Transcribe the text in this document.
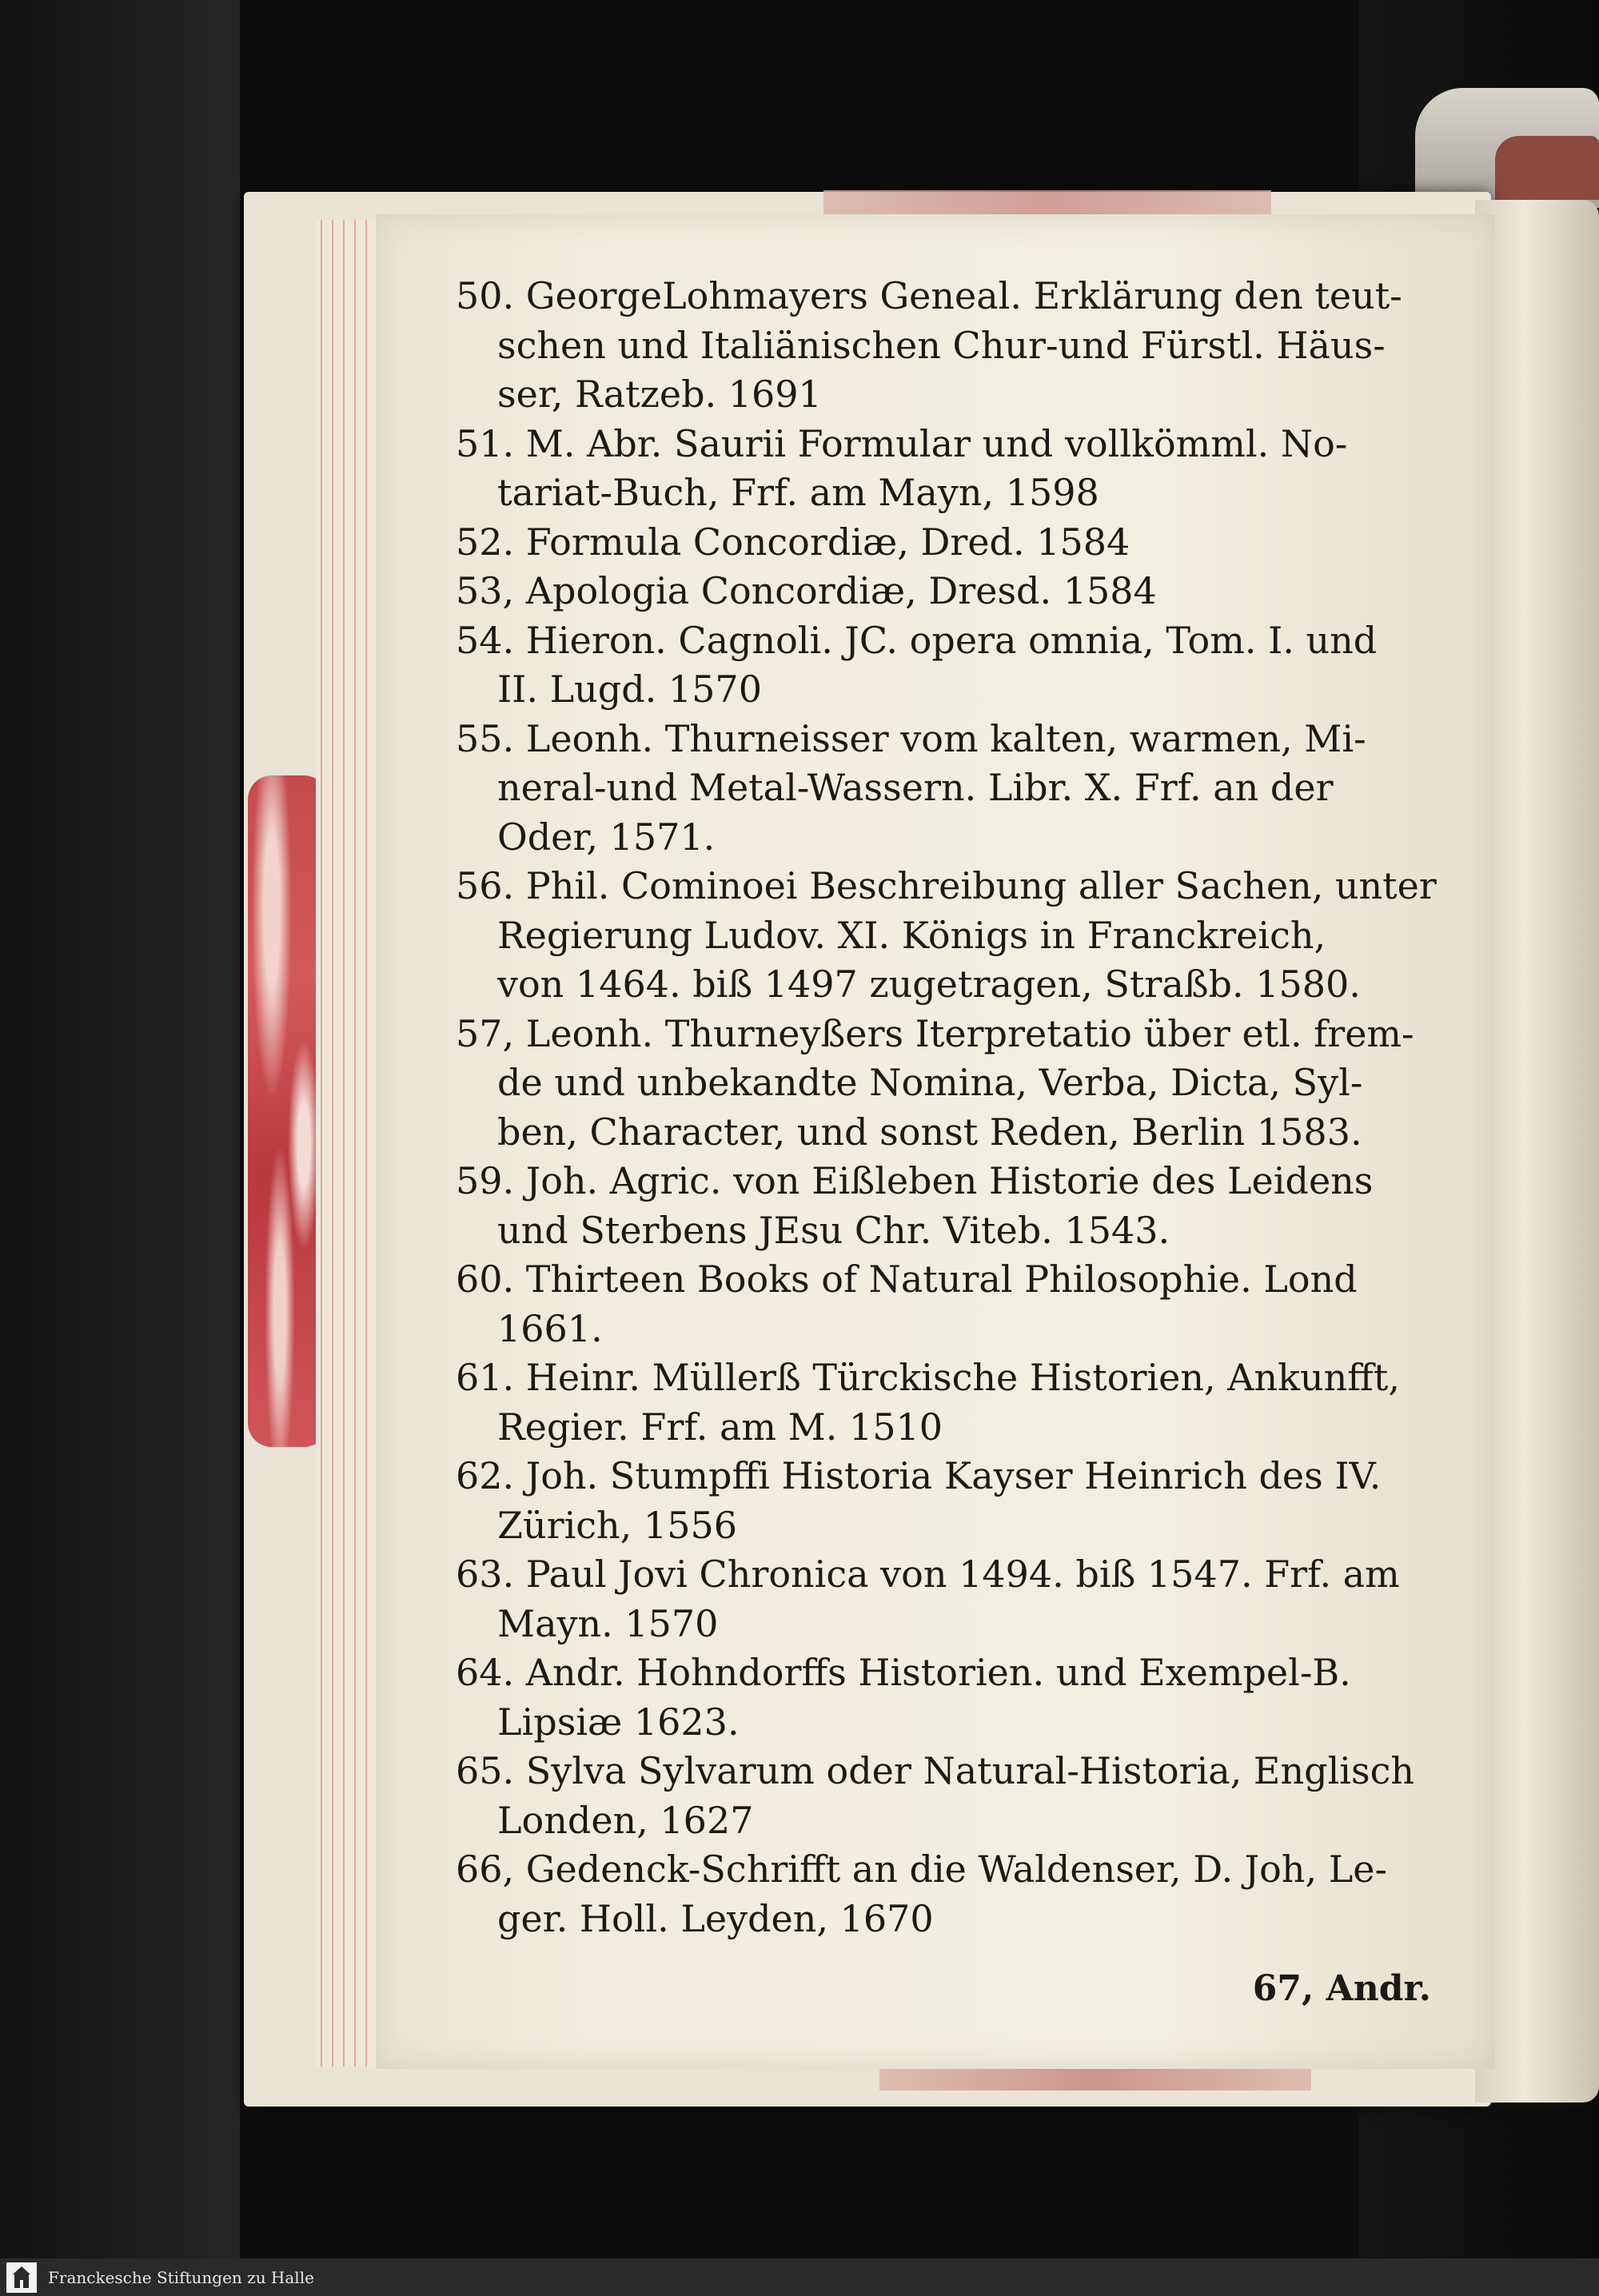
50. GeorgeLohmayers Geneal. Erklärung den teut-
schen und Italiänischen Chur-und Fürstl. Häus-
ser, Ratzeb. 1691
51. M. Abr. Saurii Formular und vollkömml. No-
tariat-Buch, Frf. am Mayn, 1598
52. Formula Concordiæ, Dred. 1584
53, Apologia Concordiæ, Dresd. 1584
54. Hieron. Cagnoli. JC. opera omnia, Tom. I. und
II. Lugd. 1570
55. Leonh. Thurneisser vom kalten, warmen, Mi-
neral-und Metal-Wassern. Libr. X. Frf. an der
Oder, 1571.
56. Phil. Cominoei Beschreibung aller Sachen, unter
Regierung Ludov. XI. Königs in Franckreich,
von 1464. biß 1497 zugetragen, Straßb. 1580.
57, Leonh. Thurneyßers Iterpretatio über etl. frem-
de und unbekandte Nomina, Verba, Dicta, Syl-
ben, Character, und sonst Reden, Berlin 1583.
59. Joh. Agric. von Eißleben Historie des Leidens
und Sterbens JEsu Chr. Viteb. 1543.
60. Thirteen Books of Natural Philosophie. Lond
1661.
61. Heinr. Müllerß Türckische Historien, Ankunfft,
Regier. Frf. am M. 1510
62. Joh. Stumpffi Historia Kayser Heinrich des IV.
Zürich, 1556
63. Paul Jovi Chronica von 1494. biß 1547. Frf. am
Mayn. 1570
64. Andr. Hohndorffs Historien. und Exempel-B.
Lipsiæ 1623.
65. Sylva Sylvarum oder Natural-Historia, Englisch
Londen, 1627
66, Gedenck-Schrifft an die Waldenser, D. Joh, Le-
ger. Holl. Leyden, 1670
67, Andr.
Franckesche Stiftungen zu Halle
